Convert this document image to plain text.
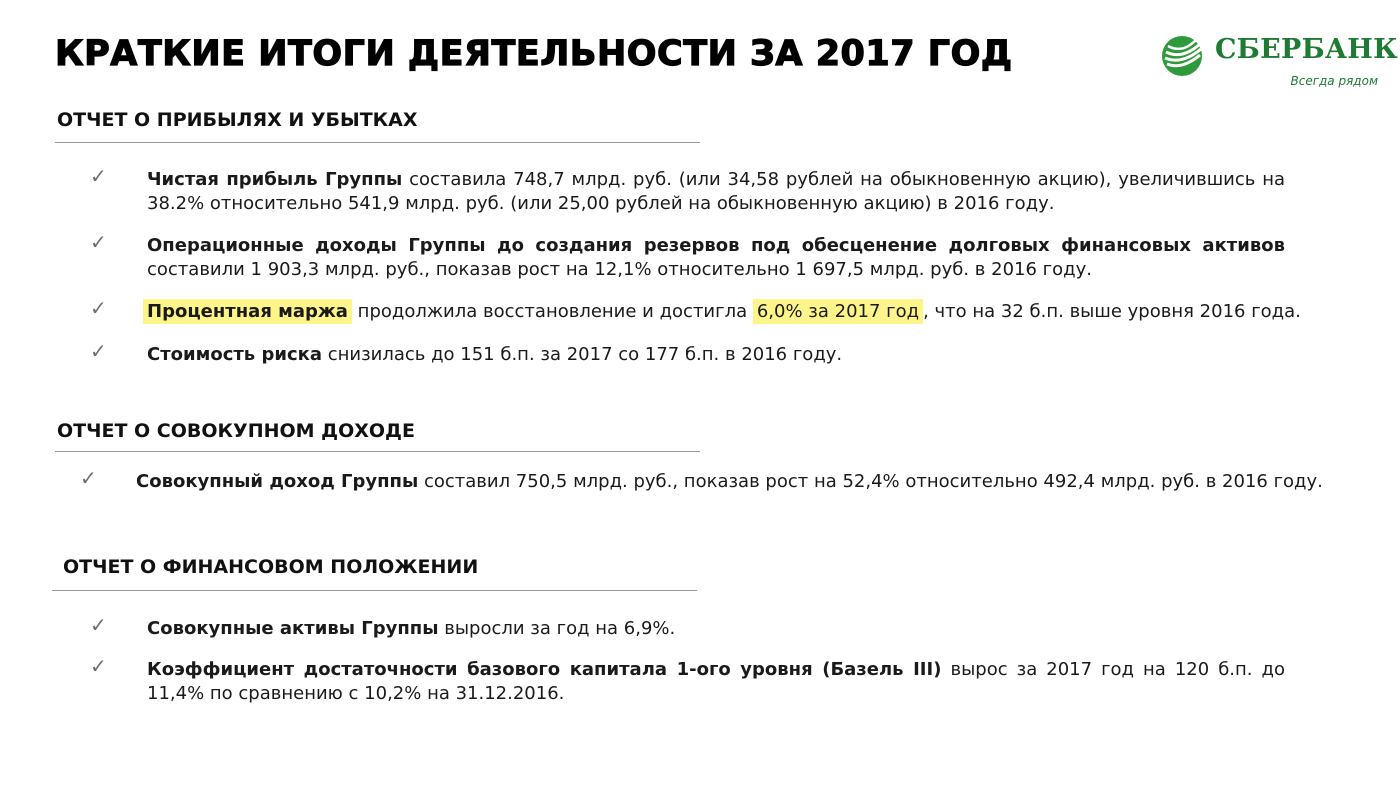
КРАТКИЕ ИТОГИ ДЕЯТЕЛЬНОСТИ ЗА 2017 ГОД	СБЕРБАНК
Всегда рядом
ОТЧЕТ О ПРИБЫЛЯХ И УБЫТКАХ
✓ Чистая прибыль Группы составила 748,7 млрд. руб. (или 34,58 рублей на обыкновенную акцию), увеличившись на 38.2% относительно 541,9 млрд. руб. (или 25,00 рублей на обыкновенную акцию) в 2016 году.
✓ Операционные доходы Группы до создания резервов под обесценение долговых финансовых активов составили 1 903,3 млрд. руб., показав рост на 12,1% относительно 1 697,5 млрд. руб. в 2016 году.
✓ Процентная маржа продолжила восстановление и достигла 6,0% за 2017 год , что на 32 б.п. выше уровня 2016 года.
✓ Стоимость риска снизилась до 151 б.п. за 2017 со 177 б.п. в 2016 году.
ОТЧЕТ О СОВОКУПНОМ ДОХОДЕ
✓ Совокупный доход Группы составил 750,5 млрд. руб., показав рост на 52,4% относительно 492,4 млрд. руб. в 2016 году.
ОТЧЕТ О ФИНАНСОВОМ ПОЛОЖЕНИИ
✓ Совокупные активы Группы выросли за год на 6,9%.
✓ Коэффициент достаточности базового капитала 1-ого уровня (Базель III) вырос за 2017 год на 120 б.п. до 11,4% по сравнению с 10,2% на 31.12.2016.
